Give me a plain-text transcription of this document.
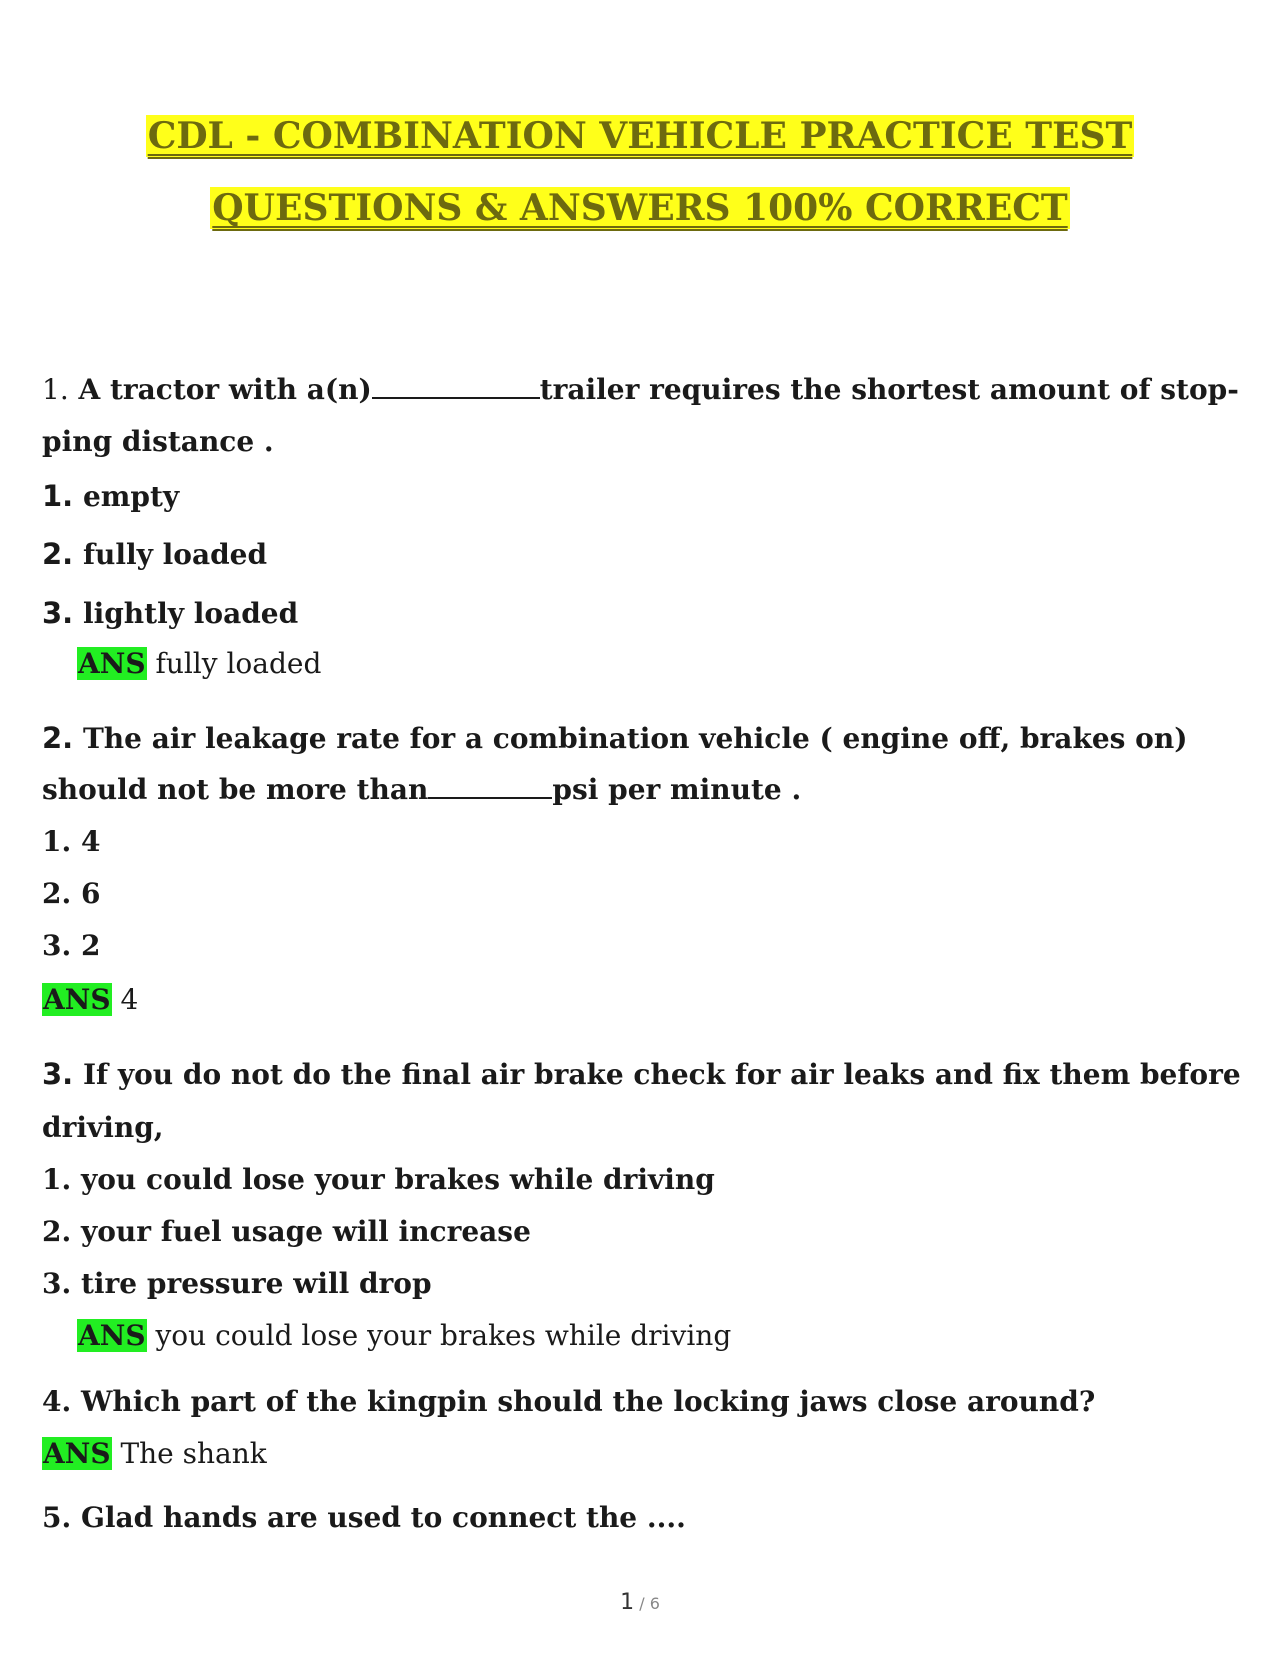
CDL - COMBINATION VEHICLE PRACTICE TEST
QUESTIONS & ANSWERS 100% CORRECT
1. A tractor with a(n)	trailer requires the shortest amount of stop-
ping distance .
1. empty
2. fully loaded
3. lightly loaded
ANS fully loaded
2. The air leakage rate for a combination vehicle ( engine off, brakes on)
should not be more than	psi per minute .
1. 4
2. 6
3. 2
ANS 4
3. If you do not do the final air brake check for air leaks and fix them before
driving,
1. you could lose your brakes while driving
2. your fuel usage will increase
3. tire pressure will drop
ANS you could lose your brakes while driving
4. Which part of the kingpin should the locking jaws close around?
ANS The shank
5. Glad hands are used to connect the ....
1 / 6
